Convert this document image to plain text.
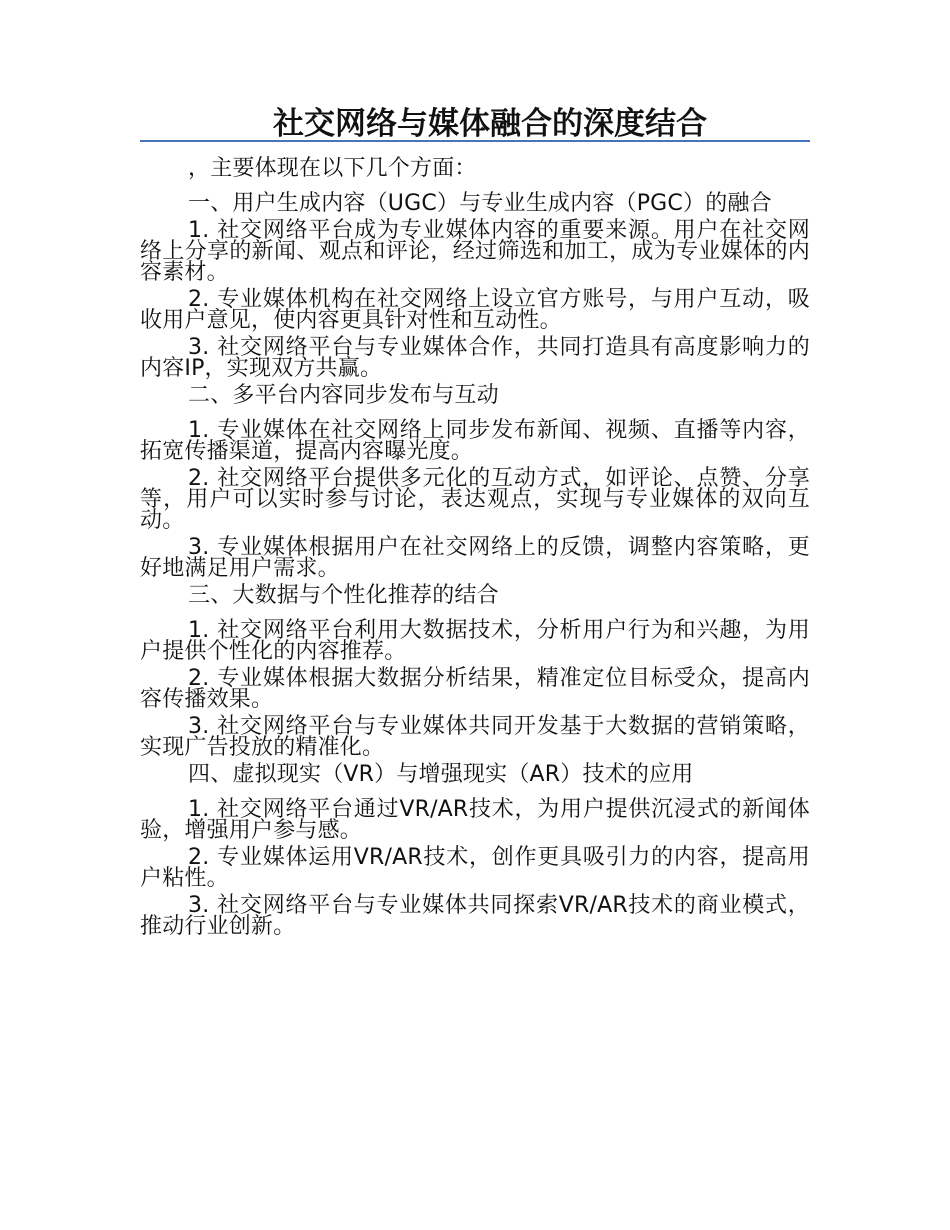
社交网络与媒体融合的深度结合

，主要体现在以下几个方面：

一、用户生成内容（UGC）与专业生成内容（PGC）的融合

1. 社交网络平台成为专业媒体内容的重要来源。用户在社交网络上分享的新闻、观点和评论，经过筛选和加工，成为专业媒体的内容素材。

2. 专业媒体机构在社交网络上设立官方账号，与用户互动，吸收用户意见，使内容更具针对性和互动性。

3. 社交网络平台与专业媒体合作，共同打造具有高度影响力的内容IP，实现双方共赢。

二、多平台内容同步发布与互动

1. 专业媒体在社交网络上同步发布新闻、视频、直播等内容，拓宽传播渠道，提高内容曝光度。

2. 社交网络平台提供多元化的互动方式，如评论、点赞、分享等，用户可以实时参与讨论，表达观点，实现与专业媒体的双向互动。

3. 专业媒体根据用户在社交网络上的反馈，调整内容策略，更好地满足用户需求。

三、大数据与个性化推荐的结合

1. 社交网络平台利用大数据技术，分析用户行为和兴趣，为用户提供个性化的内容推荐。

2. 专业媒体根据大数据分析结果，精准定位目标受众，提高内容传播效果。

3. 社交网络平台与专业媒体共同开发基于大数据的营销策略，实现广告投放的精准化。

四、虚拟现实（VR）与增强现实（AR）技术的应用

1. 社交网络平台通过VR/AR技术，为用户提供沉浸式的新闻体验，增强用户参与感。

2. 专业媒体运用VR/AR技术，创作更具吸引力的内容，提高用户粘性。

3. 社交网络平台与专业媒体共同探索VR/AR技术的商业模式，推动行业创新。
